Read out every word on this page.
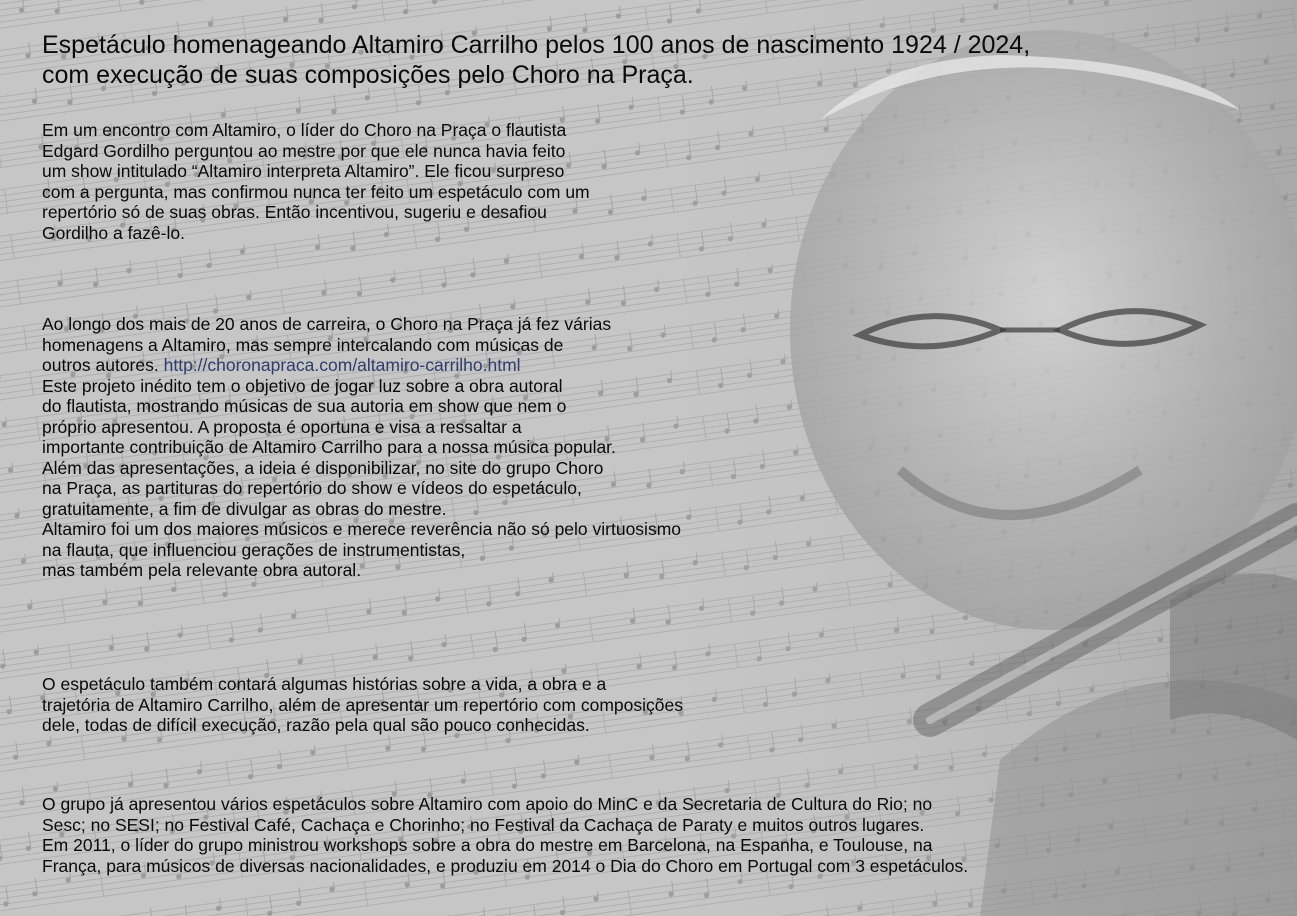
Espetáculo homenageando Altamiro Carrilho pelos 100 anos de nascimento 1924 / 2024,
com execução de suas composições pelo Choro na Praça.
Em um encontro com Altamiro, o líder do Choro na Praça o flautista
Edgard Gordilho perguntou ao mestre por que ele nunca havia feito
um show intitulado “Altamiro interpreta Altamiro”. Ele ficou surpreso
com a pergunta, mas confirmou nunca ter feito um espetáculo com um
repertório só de suas obras. Então incentivou, sugeriu e desafiou
Gordilho a fazê-lo.
Ao longo dos mais de 20 anos de carreira, o Choro na Praça já fez várias
homenagens a Altamiro, mas sempre intercalando com músicas de
outros autores. http://choronapraca.com/altamiro-carrilho.html
Este projeto inédito tem o objetivo de jogar luz sobre a obra autoral
do flautista, mostrando músicas de sua autoria em show que nem o
próprio apresentou. A proposta é oportuna e visa a ressaltar a
importante contribuição de Altamiro Carrilho para a nossa música popular.
Além das apresentações, a ideia é disponibilizar, no site do grupo Choro
na Praça, as partituras do repertório do show e vídeos do espetáculo,
gratuitamente, a fim de divulgar as obras do mestre.
Altamiro foi um dos maiores músicos e merece reverência não só pelo virtuosismo
na flauta, que influenciou gerações de instrumentistas,
mas também pela relevante obra autoral.
O espetáculo também contará algumas histórias sobre a vida, a obra e a
trajetória de Altamiro Carrilho, além de apresentar um repertório com composições
dele, todas de difícil execução, razão pela qual são pouco conhecidas.
O grupo já apresentou vários espetáculos sobre Altamiro com apoio do MinC e da Secretaria de Cultura do Rio; no
Sesc; no SESI; no Festival Café, Cachaça e Chorinho; no Festival da Cachaça de Paraty e muitos outros lugares.
Em 2011, o líder do grupo ministrou workshops sobre a obra do mestre em Barcelona, na Espanha, e Toulouse, na
França, para músicos de diversas nacionalidades, e produziu em 2014 o Dia do Choro em Portugal com 3 espetáculos.
